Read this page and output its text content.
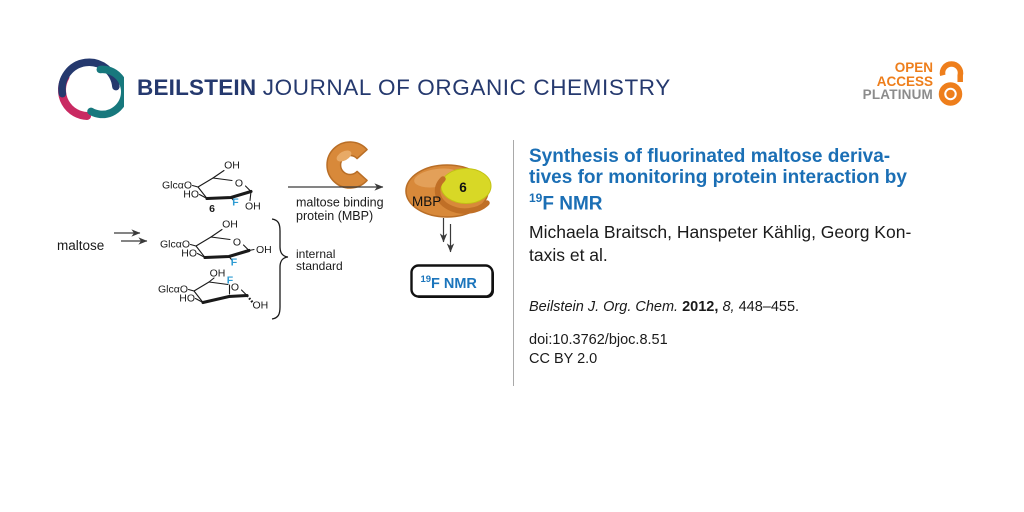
BEILSTEIN JOURNAL OF ORGANIC CHEMISTRY
OPEN
ACCESS
PLATINUM
maltose
OH
GlcαO
HO
O
F OH
6
OH
GlcαO
HO
O
F
OH
OH
GlcαO
HO
O
F
OH
internal
standard
maltose binding
protein (MBP)
MBP
6
19 F NMR
Synthesis of fluorinated maltose deriva-
tives for monitoring protein interaction by
$^{19}$F NMR
Michaela Braitsch, Hanspeter Kählig, Georg Kon-
taxis et al.
Beilstein J. Org. Chem. 2012, 8, 448–455.
doi:10.3762/bjoc.8.51
CC BY 2.0
